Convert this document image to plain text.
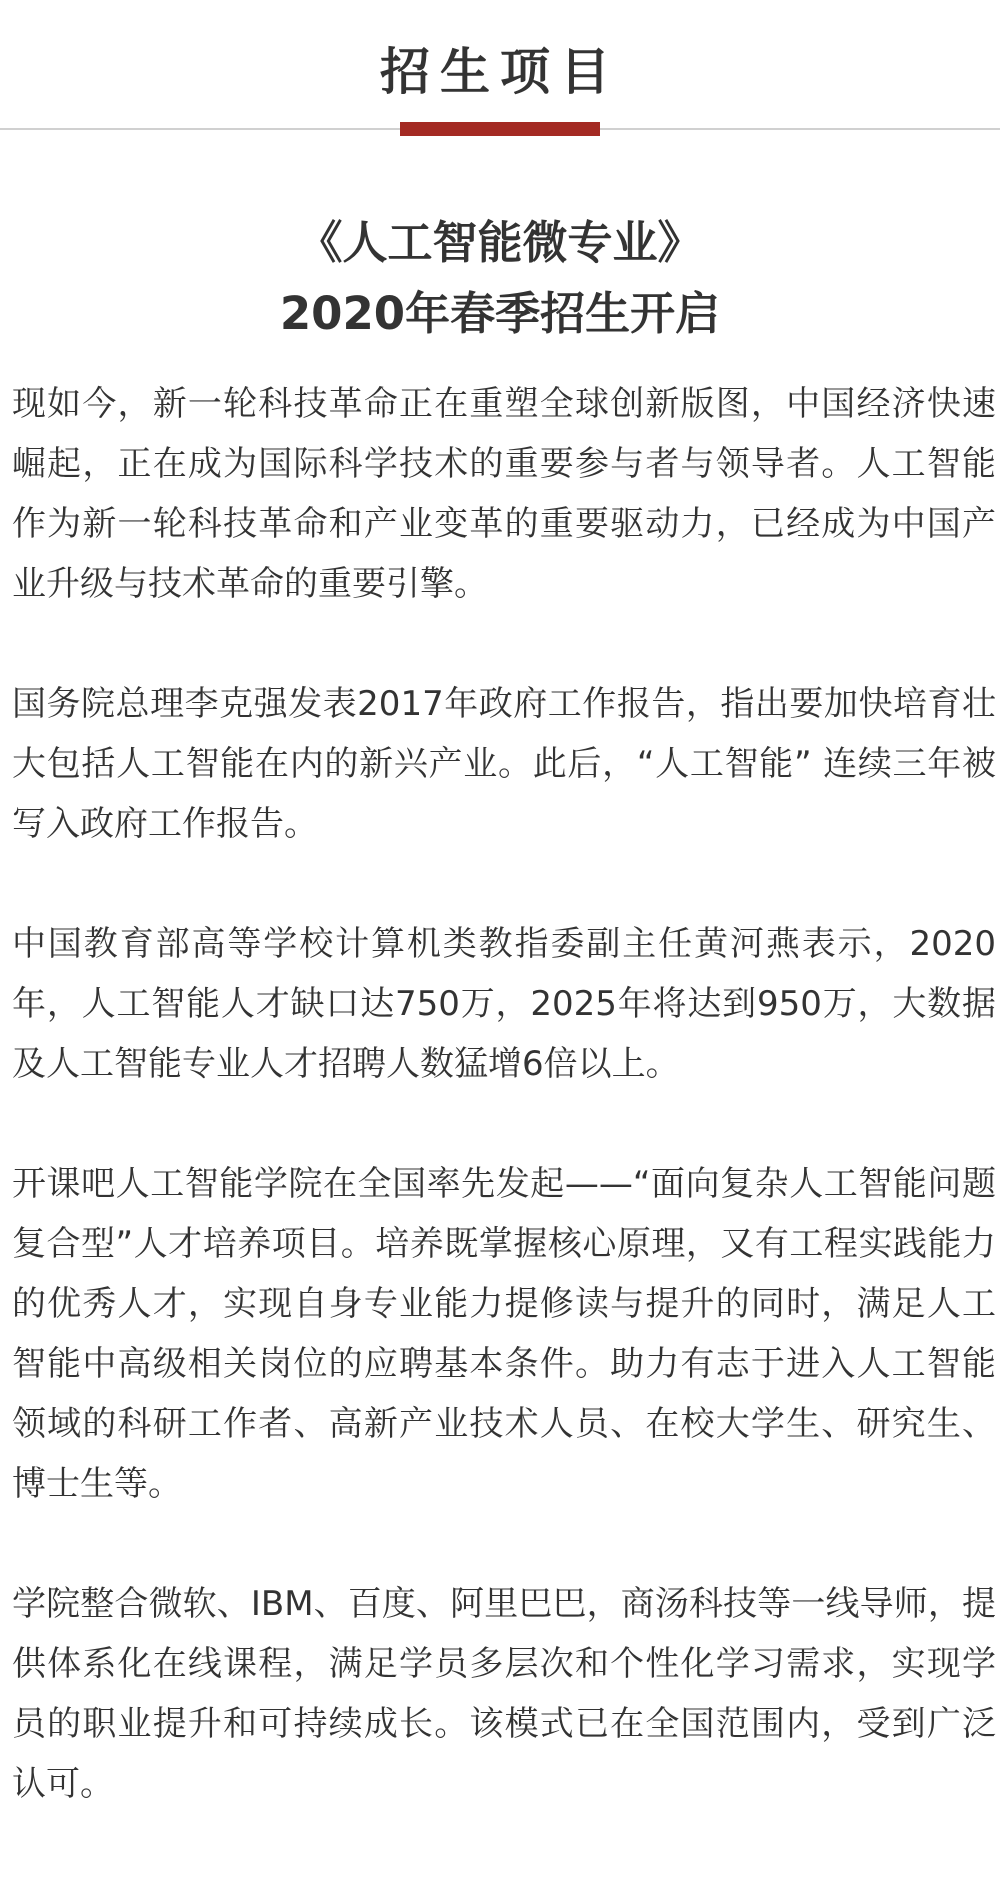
招生项目
《人工智能微专业》
2020年春季招生开启

现如今，新一轮科技革命正在重塑全球创新版图，中国经济快速崛起，正在成为国际科学技术的重要参与者与领导者。人工智能作为新一轮科技革命和产业变革的重要驱动力，已经成为中国产业升级与技术革命的重要引擎。

国务院总理李克强发表2017年政府工作报告，指出要加快培育壮大包括人工智能在内的新兴产业。此后，“人工智能” 连续三年被写入政府工作报告。

中国教育部高等学校计算机类教指委副主任黄河燕表示，2020年，人工智能人才缺口达750万，2025年将达到950万，大数据及人工智能专业人才招聘人数猛增6倍以上。

开课吧人工智能学院在全国率先发起——“面向复杂人工智能问题复合型”人才培养项目。培养既掌握核心原理，又有工程实践能力的优秀人才，实现自身专业能力提修读与提升的同时，满足人工智能中高级相关岗位的应聘基本条件。助力有志于进入人工智能领域的科研工作者、高新产业技术人员、在校大学生、研究生、博士生等。

学院整合微软、IBM、百度、阿里巴巴，商汤科技等一线导师，提供体系化在线课程，满足学员多层次和个性化学习需求，实现学员的职业提升和可持续成长。该模式已在全国范围内，受到广泛认可。
